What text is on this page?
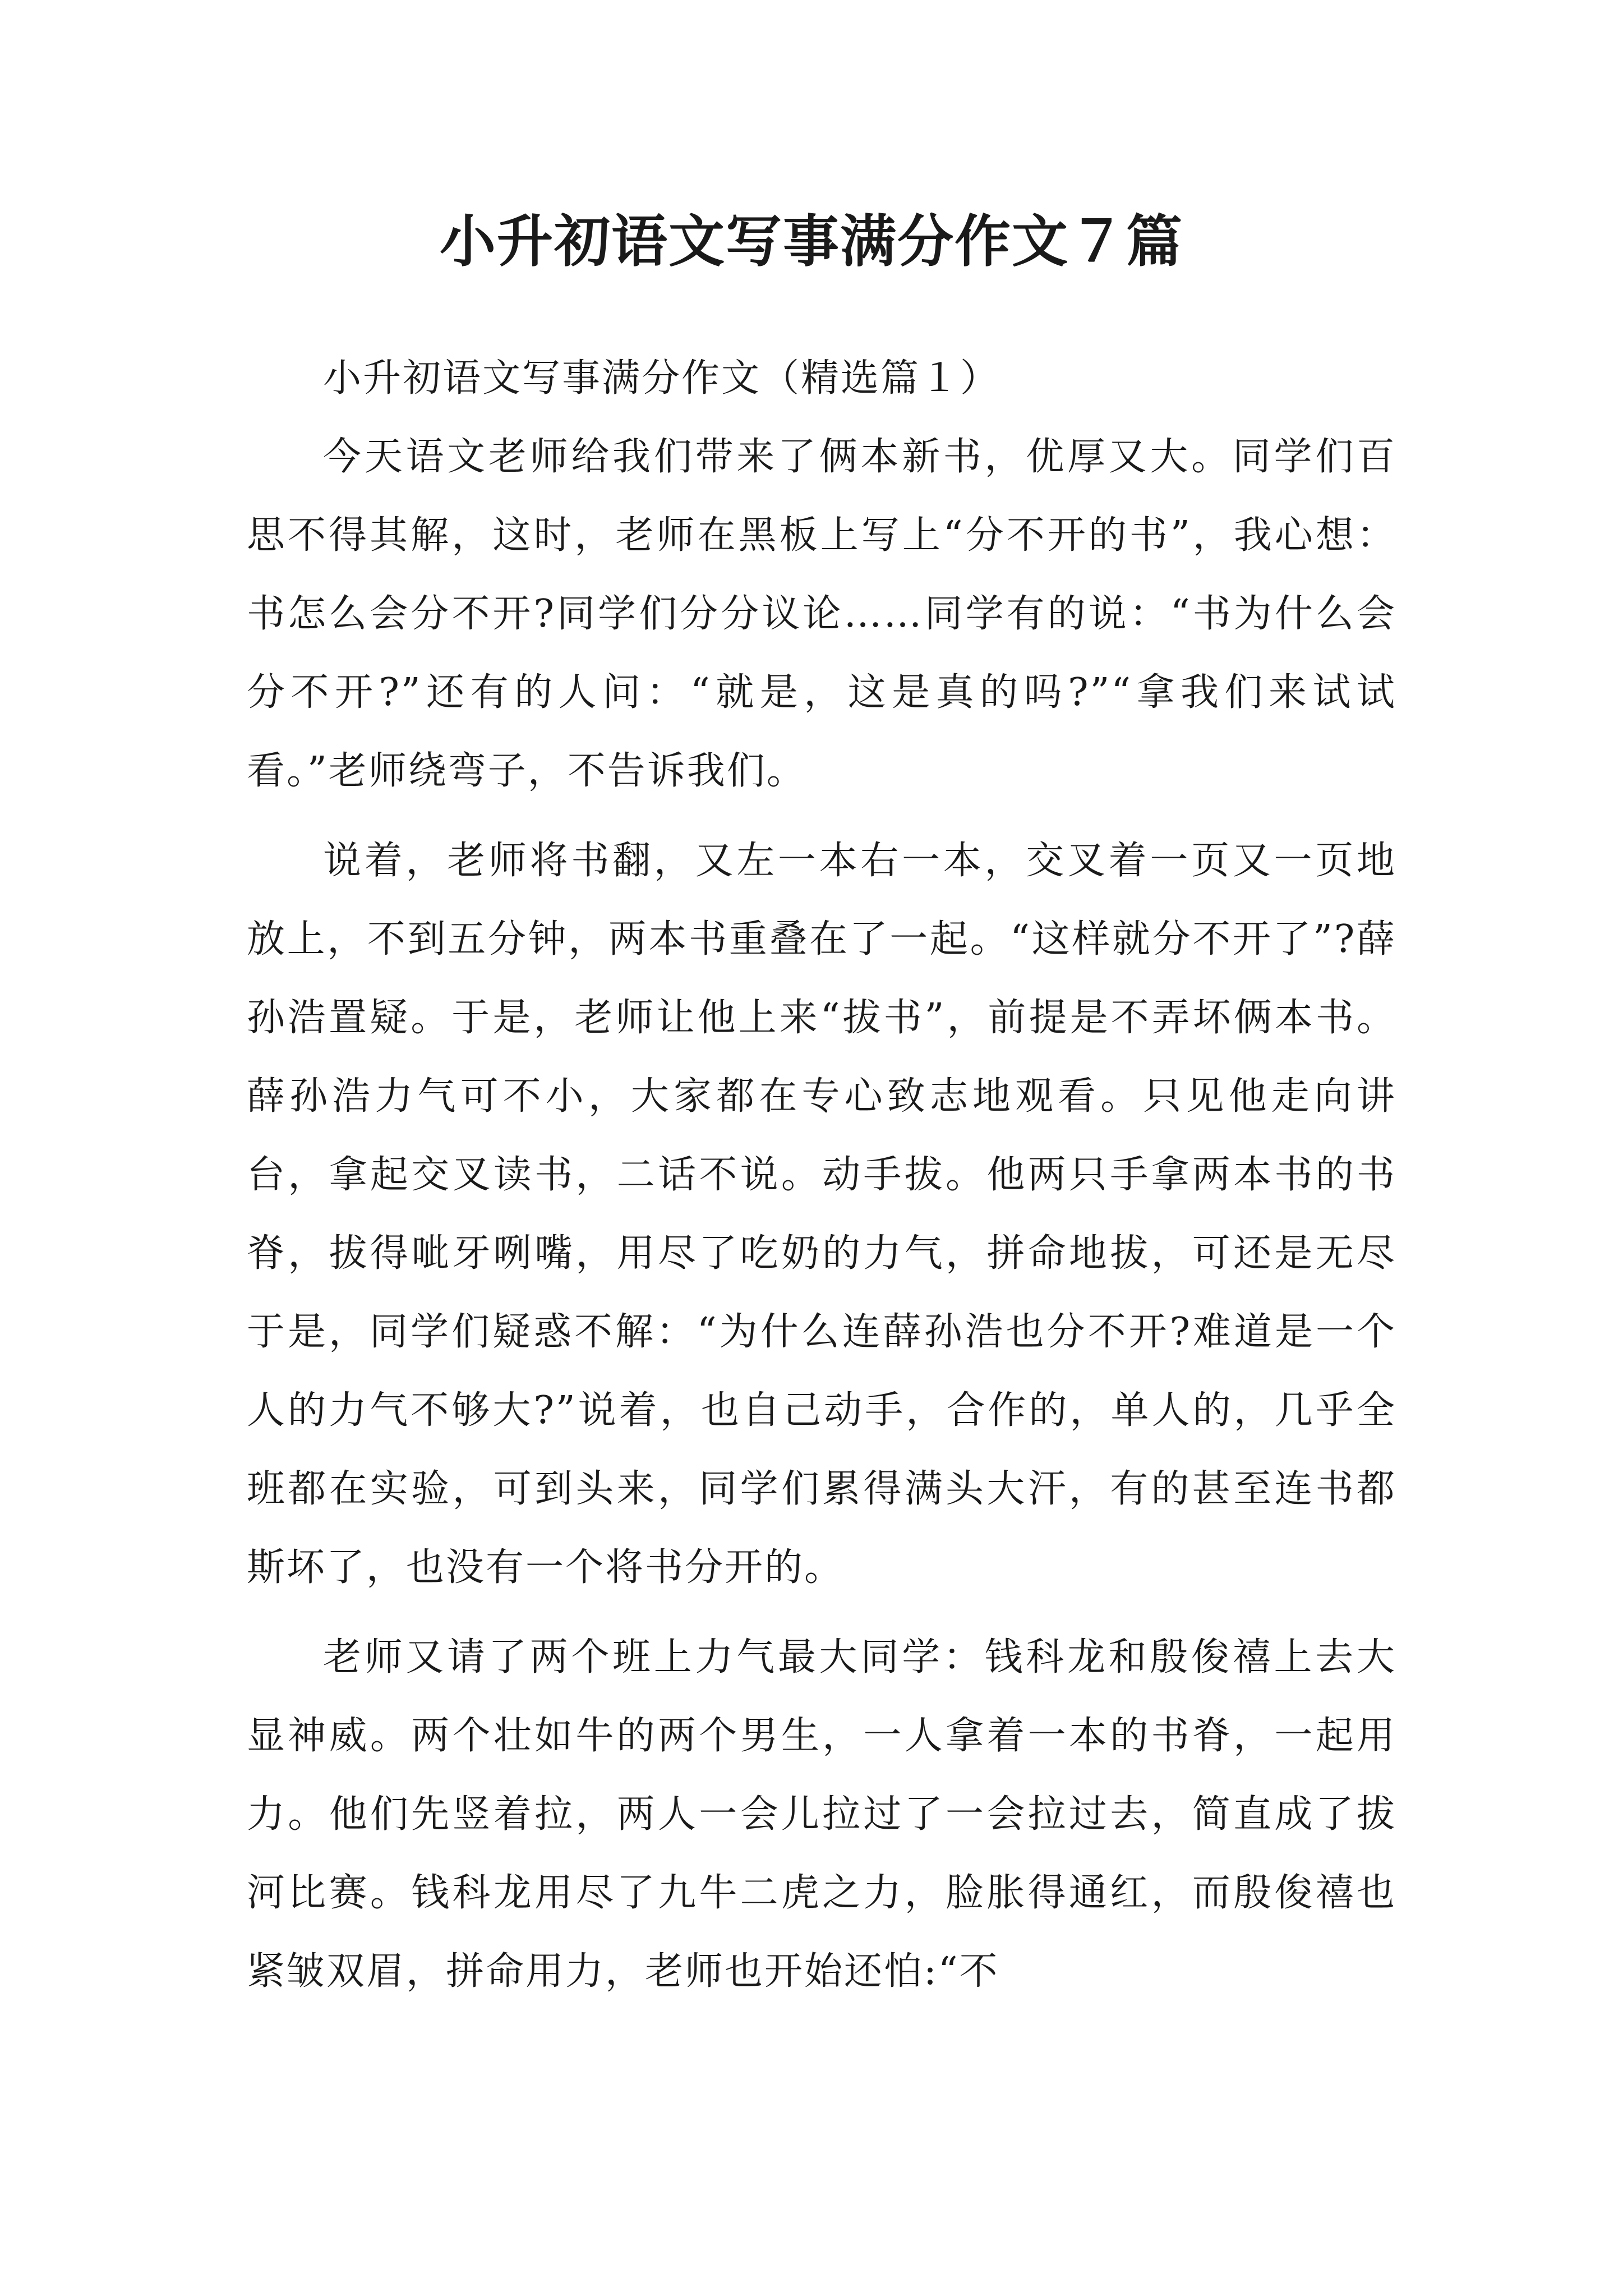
小升初语文写事满分作文７篇

小升初语文写事满分作文（精选篇１）

今天语文老师给我们带来了俩本新书，优厚又大。同学们百思不得其解，这时，老师在黑板上写上“分不开的书”，我心想：书怎么会分不开?同学们分分议论……同学有的说：“书为什么会分不开?”还有的人问：“就是，这是真的吗?”“拿我们来试试看。”老师绕弯子，不告诉我们。

说着，老师将书翻，又左一本右一本，交叉着一页又一页地放上，不到五分钟，两本书重叠在了一起。“这样就分不开了”?薛孙浩置疑。于是，老师让他上来“拔书”，前提是不弄坏俩本书。薛孙浩力气可不小，大家都在专心致志地观看。只见他走向讲台，拿起交叉读书，二话不说。动手拔。他两只手拿两本书的书脊，拔得呲牙咧嘴，用尽了吃奶的力气，拼命地拔，可还是无尽于是，同学们疑惑不解：“为什么连薛孙浩也分不开?难道是一个人的力气不够大?”说着，也自己动手，合作的，单人的，几乎全班都在实验，可到头来，同学们累得满头大汗，有的甚至连书都斯坏了，也没有一个将书分开的。

老师又请了两个班上力气最大同学：钱科龙和殷俊禧上去大显神威。两个壮如牛的两个男生，一人拿着一本的书脊，一起用力。他们先竖着拉，两人一会儿拉过了一会拉过去，简直成了拔河比赛。钱科龙用尽了九牛二虎之力，脸胀得通红，而殷俊禧也紧皱双眉，拼命用力，老师也开始还怕:“不
